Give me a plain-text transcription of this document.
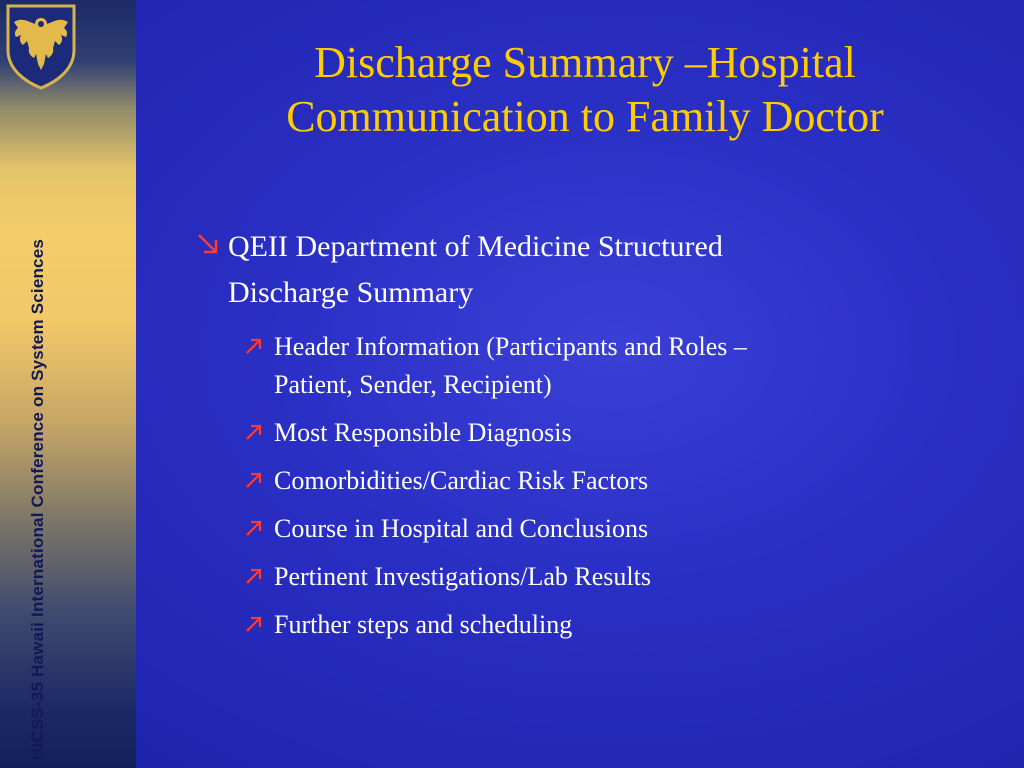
HICSS-35 Hawaii International Conference on System Sciences
Discharge Summary –Hospital
Communication to Family Doctor
QEII Department of Medicine Structured
Discharge Summary
Header Information (Participants and Roles –
Patient, Sender, Recipient)
Most Responsible Diagnosis
Comorbidities/Cardiac Risk Factors
Course in Hospital and Conclusions
Pertinent Investigations/Lab Results
Further steps and scheduling
